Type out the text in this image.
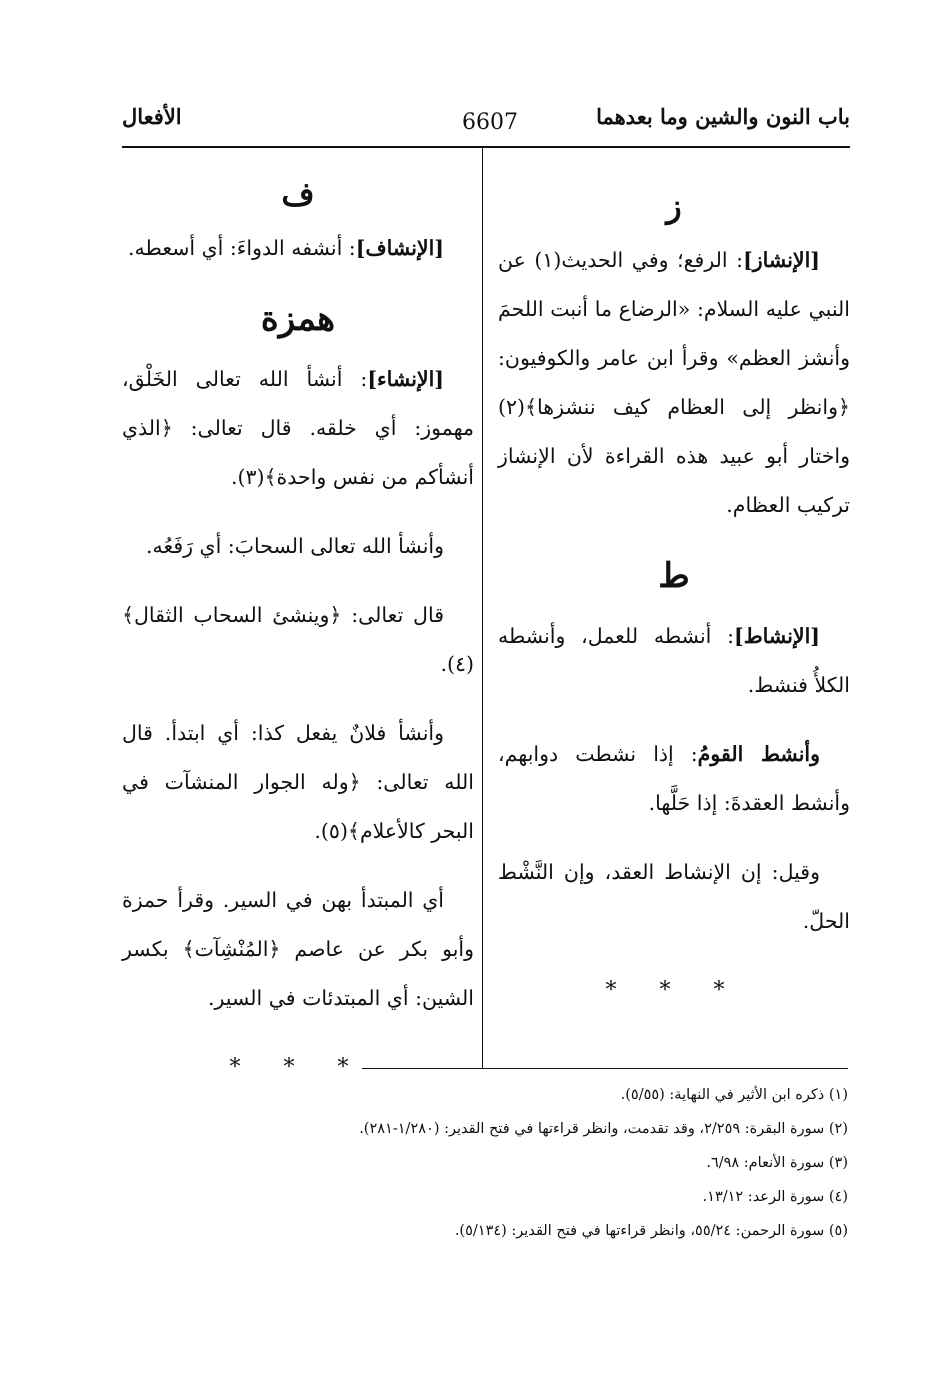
باب النون والشين وما بعدهما
6607
الأفعال
ز

[الإنشاز]: الرفع؛ وفي الحديث(١) عن النبي عليه السلام: «الرضاع ما أنبت اللحمَ وأنشز العظم» وقرأ ابن عامر والكوفيون: ﴿وانظر إلى العظام كيف ننشزها﴾(٢) واختار أبو عبيد هذه القراءة لأن الإنشاز تركيب العظام.

ط

[الإنشاط]: أنشطه للعمل، وأنشطه الكلأُ فنشط.

وأنشط القومُ: إذا نشطت دوابهم، وأنشط العقدةَ: إذا حَلَّها.

وقيل: إن الإنشاط العقد، وإن النَّشْط الحلّ.

* * *
ف

[الإنشاف]: أنشفه الدواءَ: أي أسعطه.

همزة

[الإنشاء]: أنشأ الله تعالى الخَلْق، مهموز: أي خلقه. قال تعالى: ﴿الذي أنشأكم من نفس واحدة﴾(٣).

وأنشأ الله تعالى السحابَ: أي رَفَعُه.

قال تعالى: ﴿وينشئ السحاب الثقال﴾(٤).

وأنشأ فلانٌ يفعل كذا: أي ابتدأ. قال الله تعالى: ﴿وله الجوار المنشآت في البحر كالأعلام﴾(٥).

أي المبتدأ بهن في السير. وقرأ حمزة وأبو بكر عن عاصم ﴿المُنْشِآت﴾ بكسر الشين: أي المبتدئات في السير.

* * *
(١) ذكره ابن الأثير في النهاية: (٥/٥٥).
(٢) سورة البقرة: ٢/٢٥٩، وقد تقدمت، وانظر قراءتها في فتح القدير: (١/٢٨٠-٢٨١).
(٣) سورة الأنعام: ٦/٩٨.
(٤) سورة الرعد: ١٣/١٢.
(٥) سورة الرحمن: ٥٥/٢٤، وانظر قراءتها في فتح القدير: (٥/١٣٤).
